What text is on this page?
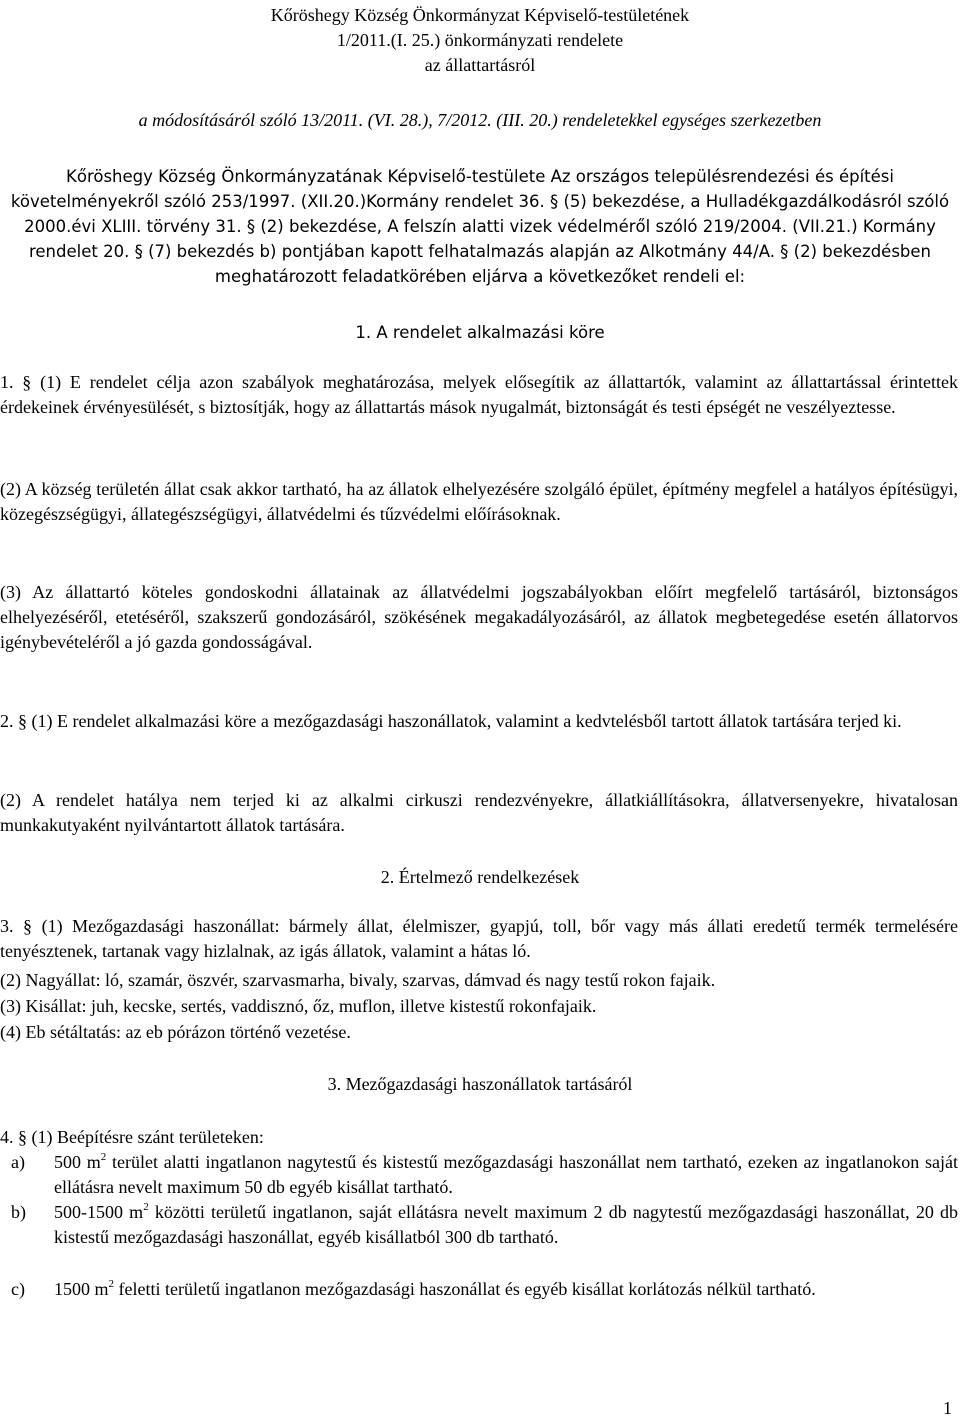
Kőröshegy Község Önkormányzat Képviselő-testületének
1/2011.(I. 25.) önkormányzati rendelete
az állattartásról
a módosításáról szóló 13/2011. (VI. 28.), 7/2012. (III. 20.) rendeletekkel egységes szerkezetben
Kőröshegy Község Önkormányzatának Képviselő-testülete Az országos településrendezési és építési követelményekről szóló 253/1997. (XII.20.)Kormány rendelet 36. § (5) bekezdése, a Hulladékgazdálkodásról szóló 2000.évi XLIII. törvény 31. § (2) bekezdése, A felszín alatti vizek védelméről szóló 219/2004. (VII.21.) Kormány rendelet 20. § (7) bekezdés b) pontjában kapott felhatalmazás alapján az Alkotmány 44/A. § (2) bekezdésben meghatározott feladatkörében eljárva a következőket rendeli el:
1. A rendelet alkalmazási köre
1. § (1) E rendelet célja azon szabályok meghatározása, melyek elősegítik az állattartók, valamint az állattartással érintettek érdekeinek érvényesülését, s biztosítják, hogy az állattartás mások nyugalmát, biztonságát és testi épségét ne veszélyeztesse.
(2) A község területén állat csak akkor tartható, ha az állatok elhelyezésére szolgáló épület, építmény megfelel a hatályos építésügyi, közegészségügyi, állategészségügyi, állatvédelmi és tűzvédelmi előírásoknak.
(3) Az állattartó köteles gondoskodni állatainak az állatvédelmi jogszabályokban előírt megfelelő tartásáról, biztonságos elhelyezéséről, etetéséről, szakszerű gondozásáról, szökésének megakadályozásáról, az állatok megbetegedése esetén állatorvos igénybevételéről a jó gazda gondosságával.
2. § (1) E rendelet alkalmazási köre a mezőgazdasági haszonállatok, valamint a kedvtelésből tartott állatok tartására terjed ki.
(2) A rendelet hatálya nem terjed ki az alkalmi cirkuszi rendezvényekre, állatkiállításokra, állatversenyekre, hivatalosan munkakutyaként nyilvántartott állatok tartására.
2. Értelmező rendelkezések
3. § (1) Mezőgazdasági haszonállat: bármely állat, élelmiszer, gyapjú, toll, bőr vagy más állati eredetű termék termelésére tenyésztenek, tartanak vagy hizlalnak, az igás állatok, valamint a hátas ló.
(2) Nagyállat: ló, szamár, öszvér, szarvasmarha, bivaly, szarvas, dámvad és nagy testű rokon fajaik.
(3) Kisállat: juh, kecske, sertés, vaddisznó, őz, muflon, illetve kistestű rokonfajaik.
(4) Eb sétáltatás: az eb pórázon történő vezetése.
3. Mezőgazdasági haszonállatok tartásáról
4. § (1) Beépítésre szánt területeken:
a) 500 $m^2$ terület alatti ingatlanon nagytestű és kistestű mezőgazdasági haszonállat nem tartható, ezeken az ingatlanokon saját ellátásra nevelt maximum 50 db egyéb kisállat tartható.
b) 500-1500 $m^2$ közötti területű ingatlanon, saját ellátásra nevelt maximum 2 db nagytestű mezőgazdasági haszonállat, 20 db kistestű mezőgazdasági haszonállat, egyéb kisállatból 300 db tartható.
c) 1500 $m^2$ feletti területű ingatlanon mezőgazdasági haszonállat és egyéb kisállat korlátozás nélkül tartható.
1
